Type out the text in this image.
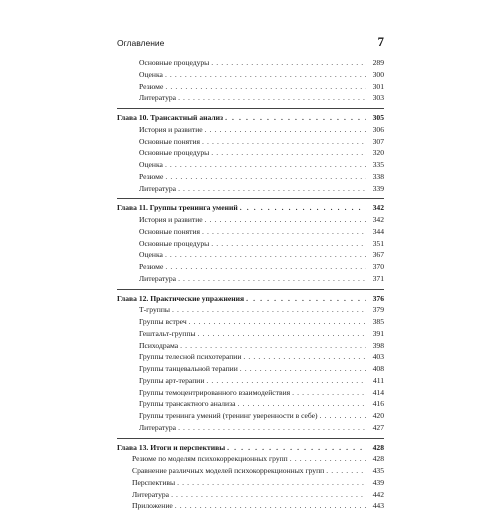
Оглавление	7
Основные процедуры . . .	289
Оценка . . .	300
Резюме . . .	301
Литература . . .	303
Глава 10. Трансактный анализ . . .	305
История и развитие . . .	306
Основные понятия . . .	307
Основные процедуры . . .	320
Оценка . . .	335
Резюме . . .	338
Литература . . .	339
Глава 11. Группы тренинга умений . . .	342
История и развитие . . .	342
Основные понятия . . .	344
Основные процедуры . . .	351
Оценка . . .	367
Резюме . . .	370
Литература . . .	371
Глава 12. Практические упражнения . . .	376
Т-группы . . .	379
Группы встреч . . .	385
Гештальт-группы . . .	391
Психодрама . . .	398
Группы телесной психотерапии . . .	403
Группы танцевальной терапии . . .	408
Группы арт-терапии . . .	411
Группы темоцентрированного взаимодействия . . .	414
Группы трансактного анализа . . .	416
Группы тренинга умений (тренинг уверенности в себе) . . .	420
Литература . . .	427
Глава 13. Итоги и перспективы . . .	428
Резюме по моделям психокоррекционных групп . . .	428
Сравнение различных моделей психокоррекционных групп . . .	435
Перспективы . . .	439
Литература . . .	442
Приложение . . .	443
